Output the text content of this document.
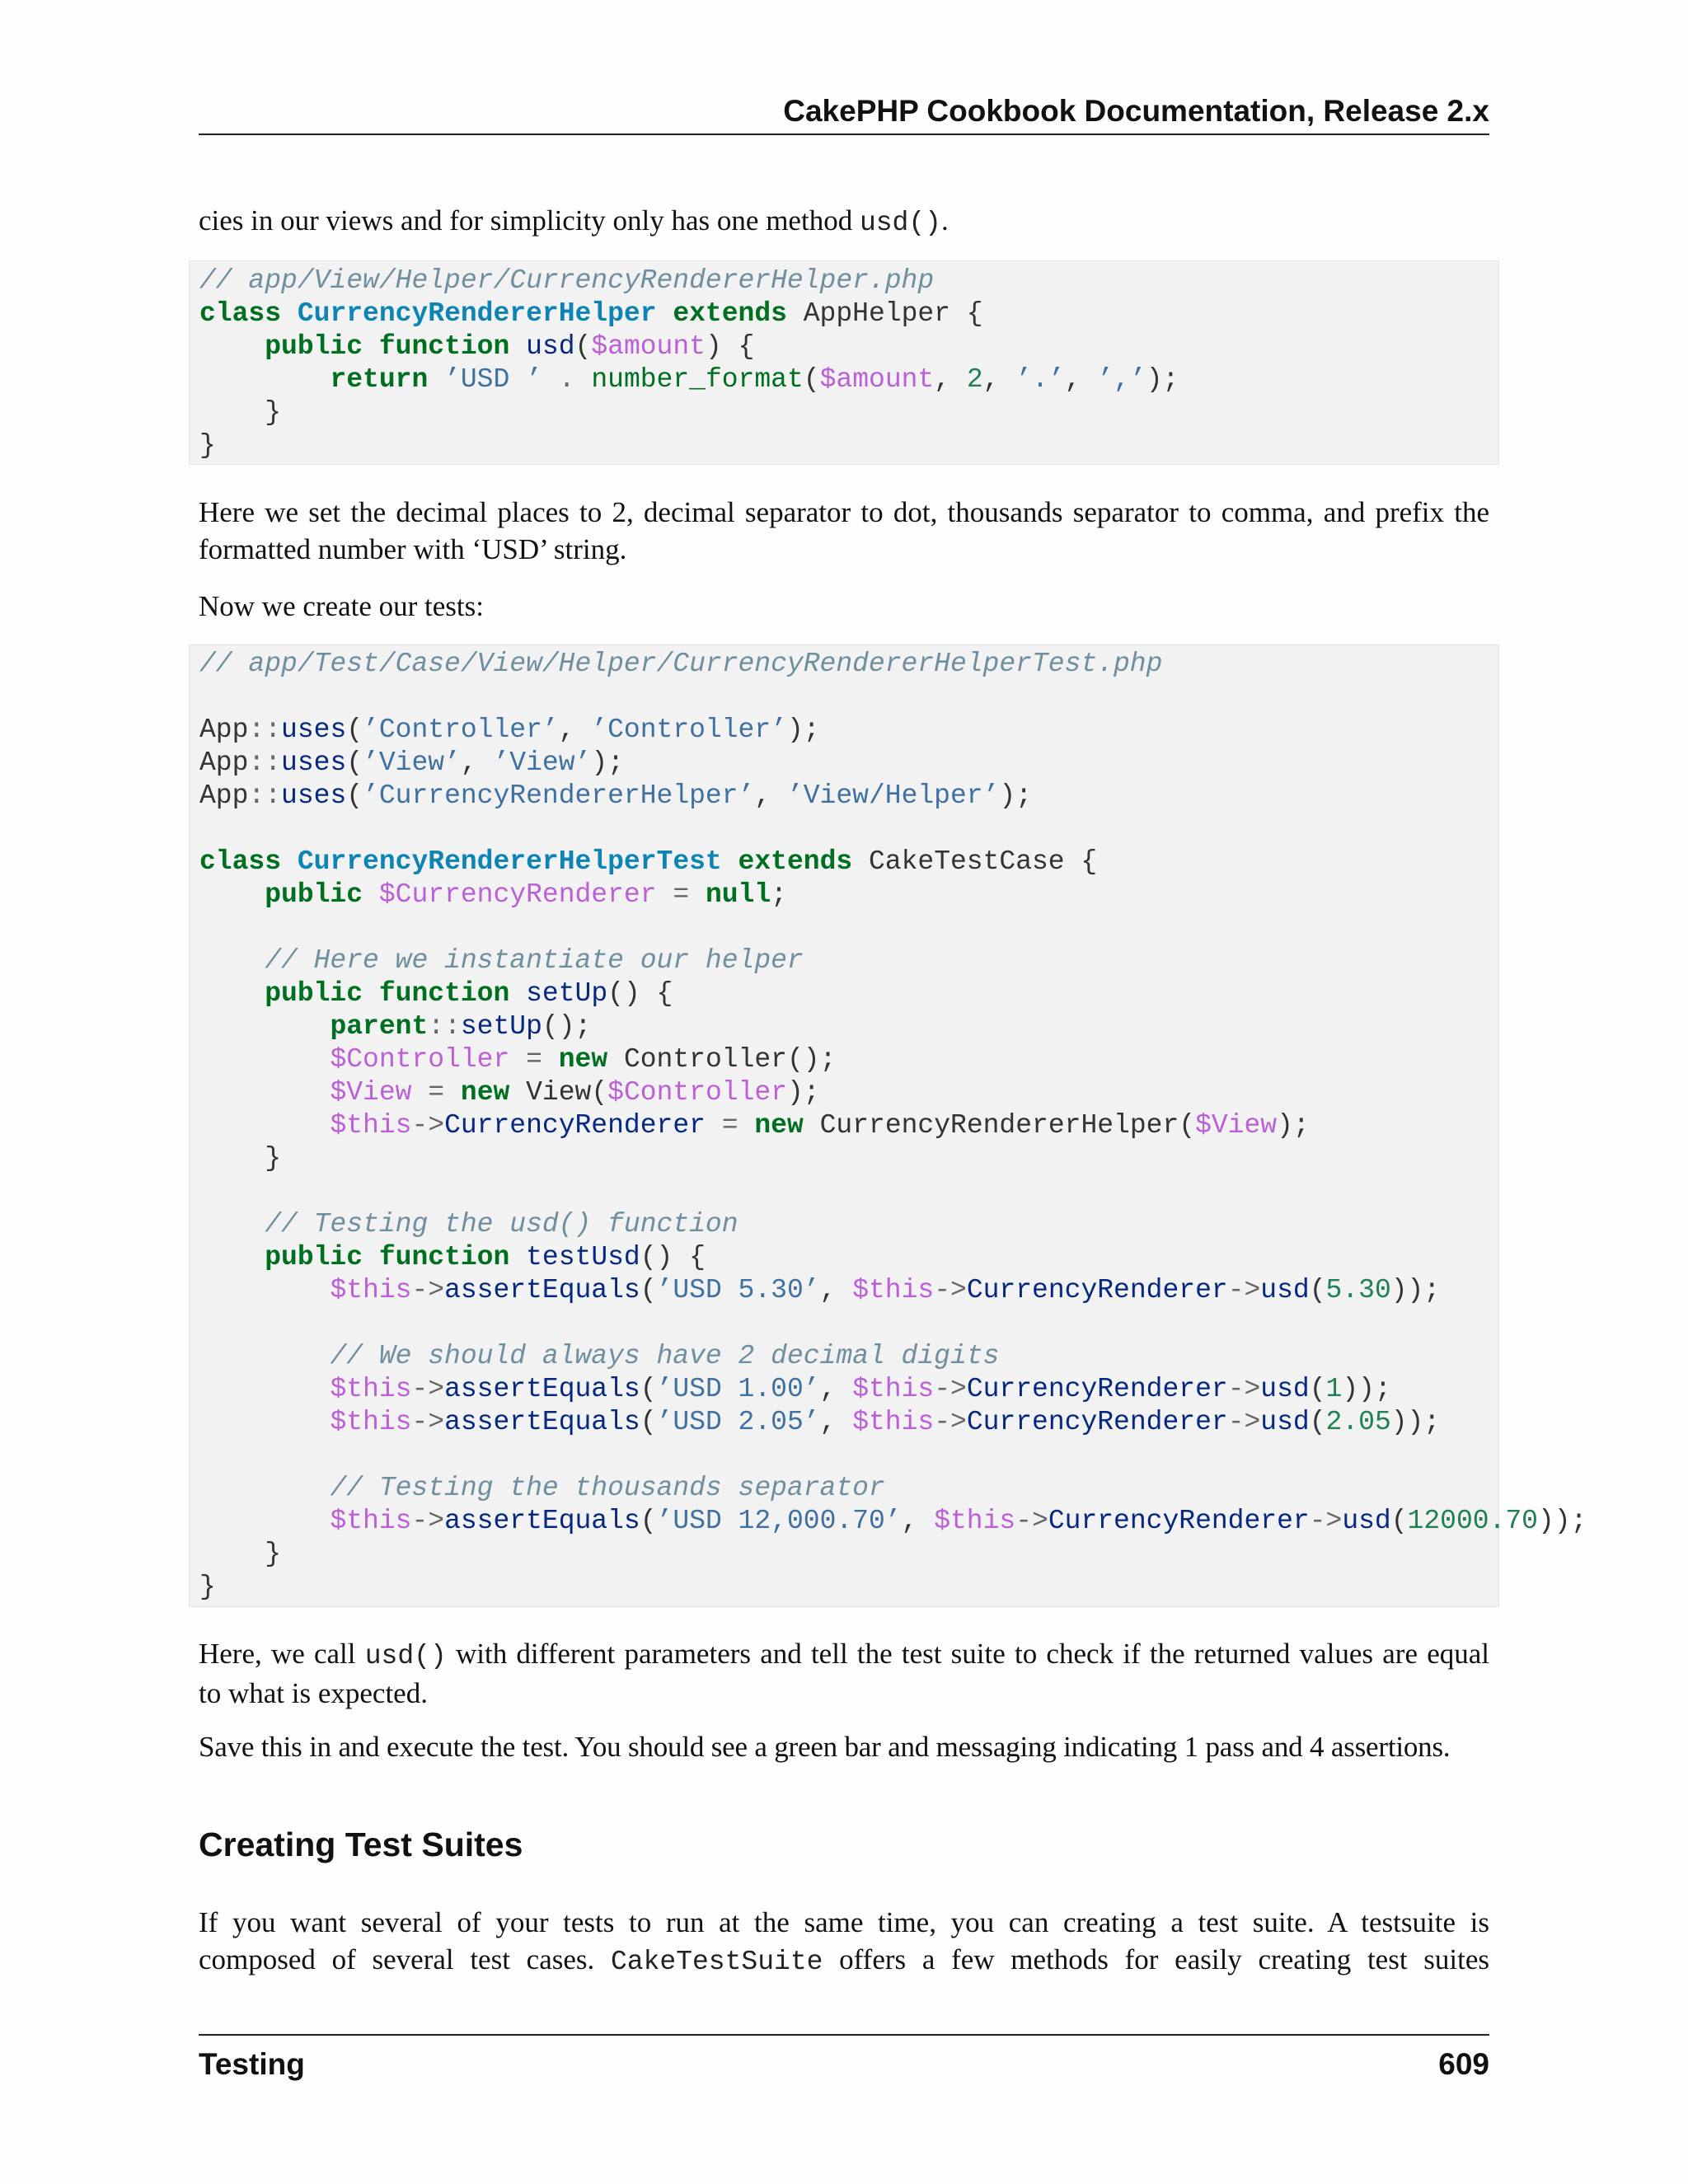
CakePHP Cookbook Documentation, Release 2.x
cies in our views and for simplicity only has one method usd().
// app/View/Helper/CurrencyRendererHelper.php
class CurrencyRendererHelper extends AppHelper {
public function usd($amount) {
return ’USD ’ . number_format($amount, 2, ’.’, ’,’);
}
}
Here we set the decimal places to 2, decimal separator to dot, thousands separator to comma, and prefix the
formatted number with ‘USD’ string.
Now we create our tests:
// app/Test/Case/View/Helper/CurrencyRendererHelperTest.php

App::uses(’Controller’, ’Controller’);
App::uses(’View’, ’View’);
App::uses(’CurrencyRendererHelper’, ’View/Helper’);

class CurrencyRendererHelperTest extends CakeTestCase {
public $CurrencyRenderer = null;

// Here we instantiate our helper
public function setUp() {
parent::setUp();
$Controller = new Controller();
$View = new View($Controller);
$this->CurrencyRenderer = new CurrencyRendererHelper($View);
}

// Testing the usd() function
public function testUsd() {
$this->assertEquals(’USD 5.30’, $this->CurrencyRenderer->usd(5.30));

// We should always have 2 decimal digits
$this->assertEquals(’USD 1.00’, $this->CurrencyRenderer->usd(1));
$this->assertEquals(’USD 2.05’, $this->CurrencyRenderer->usd(2.05));

// Testing the thousands separator
$this->assertEquals(’USD 12,000.70’, $this->CurrencyRenderer->usd(12000.70));
}
}
Here, we call usd() with different parameters and tell the test suite to check if the returned values are equal
to what is expected.
Save this in and execute the test. You should see a green bar and messaging indicating 1 pass and 4 assertions.
Creating Test Suites
If you want several of your tests to run at the same time, you can creating a test suite. A testsuite is
composed of several test cases. CakeTestSuite offers a few methods for easily creating test suites
Testing	609
